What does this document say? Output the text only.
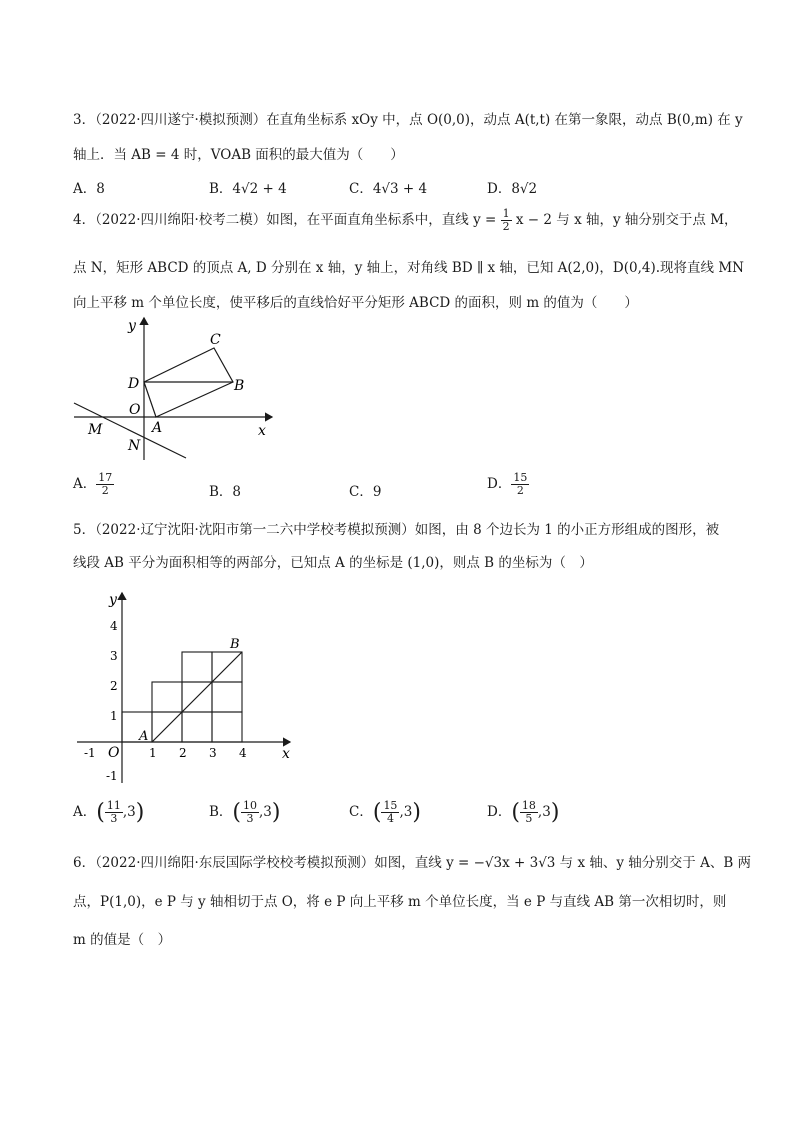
3．（2022·四川遂宁·模拟预测）在直角坐标系 xOy 中，点 O(0,0)，动点 A(t,t) 在第一象限，动点 B(0,m) 在 y
轴上．当 AB = 4 时，VOAB 面积的最大值为（　　）
A．8	B．4√2 + 4	C．4√3 + 4	D．8√2
4．（2022·四川绵阳·校考二模）如图，在平面直角坐标系中，直线 $y = \frac{1}{2}$ x − 2 与 x 轴，y 轴分别交于点 M，
点 N，矩形 ABCD 的顶点 A, D 分别在 x 轴，y 轴上，对角线 BD ∥ x 轴，已知 A(2,0)，D(0,4).现将直线 MN
向上平移 m 个单位长度，使平移后的直线恰好平分矩形 ABCD 的面积，则 m 的值为（　　）
y
x
C
D	B
O
A
M
N
A． $\frac{17}{2}$	B．8	C．9	D． $\frac{15}{2}$
5．（2022·辽宁沈阳·沈阳市第一二六中学校考模拟预测）如图，由 8 个边长为 1 的小正方形组成的图形，被
线段 AB 平分为面积相等的两部分，已知点 A 的坐标是 (1,0)，则点 B 的坐标为（　）
-1	1 2 3 4
4
3
2
1
-1
y
x
O
A
B
A．( $\frac{11}{3} ,3$)	B．( $\frac{10}{3} ,3$)	C．( $\frac{15}{4} ,3$)	D．( $\frac{18}{5} ,3$)
6．（2022·四川绵阳·东辰国际学校校考模拟预测）如图，直线 y = −√3x + 3√3 与 x 轴、y 轴分别交于 A、B 两
点，P(1,0)，e P 与 y 轴相切于点 O，将 e P 向上平移 m 个单位长度，当 e P 与直线 AB 第一次相切时，则
m 的值是（　）
